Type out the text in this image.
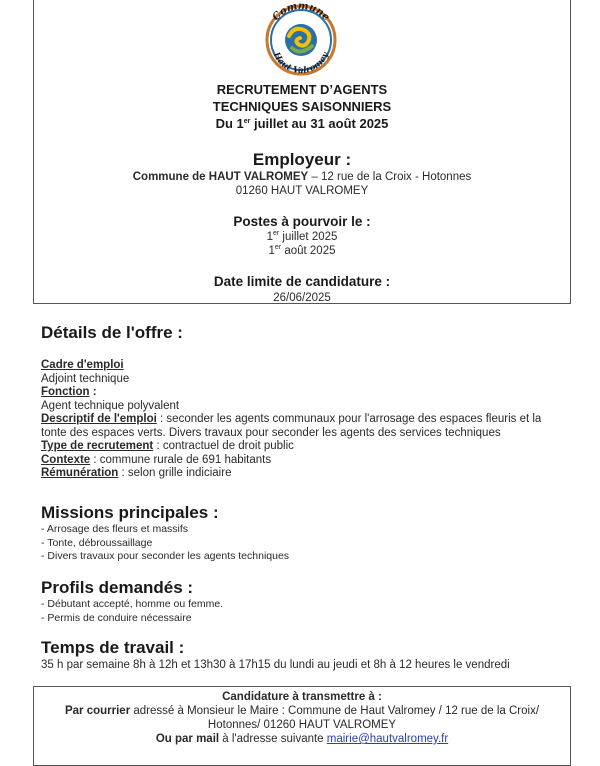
Commune
Haut Valromey
RECRUTEMENT D’AGENTS
TECHNIQUES SAISONNIERS
Du 1er juillet au 31 août 2025
Employeur :
Commune de HAUT VALROMEY – 12 rue de la Croix - Hotonnes
01260 HAUT VALROMEY
Postes à pourvoir le :
1er juillet 2025
1er août 2025
Date limite de candidature :
26/06/2025
Détails de l'offre :
Cadre d'emploi
Adjoint technique
Fonction :
Agent technique polyvalent
Descriptif de l'emploi : seconder les agents communaux pour l'arrosage des espaces fleuris et la tonte des espaces verts. Divers travaux pour seconder les agents des services techniques
Type de recrutement : contractuel de droit public
Contexte : commune rurale de 691 habitants
Rémunération : selon grille indiciaire
Missions principales :
- Arrosage des fleurs et massifs
- Tonte, débroussaillage
- Divers travaux pour seconder les agents techniques
Profils demandés :
- Débutant accepté, homme ou femme.
- Permis de conduire nécessaire
Temps de travail :
35 h par semaine 8h à 12h et 13h30 à 17h15 du lundi au jeudi et 8h à 12 heures le vendredi
Candidature à transmettre à :
Par courrier adressé à Monsieur le Maire : Commune de Haut Valromey / 12 rue de la Croix/
Hotonnes/ 01260 HAUT VALROMEY
Ou par mail à l'adresse suivante mairie@hautvalromey.fr
